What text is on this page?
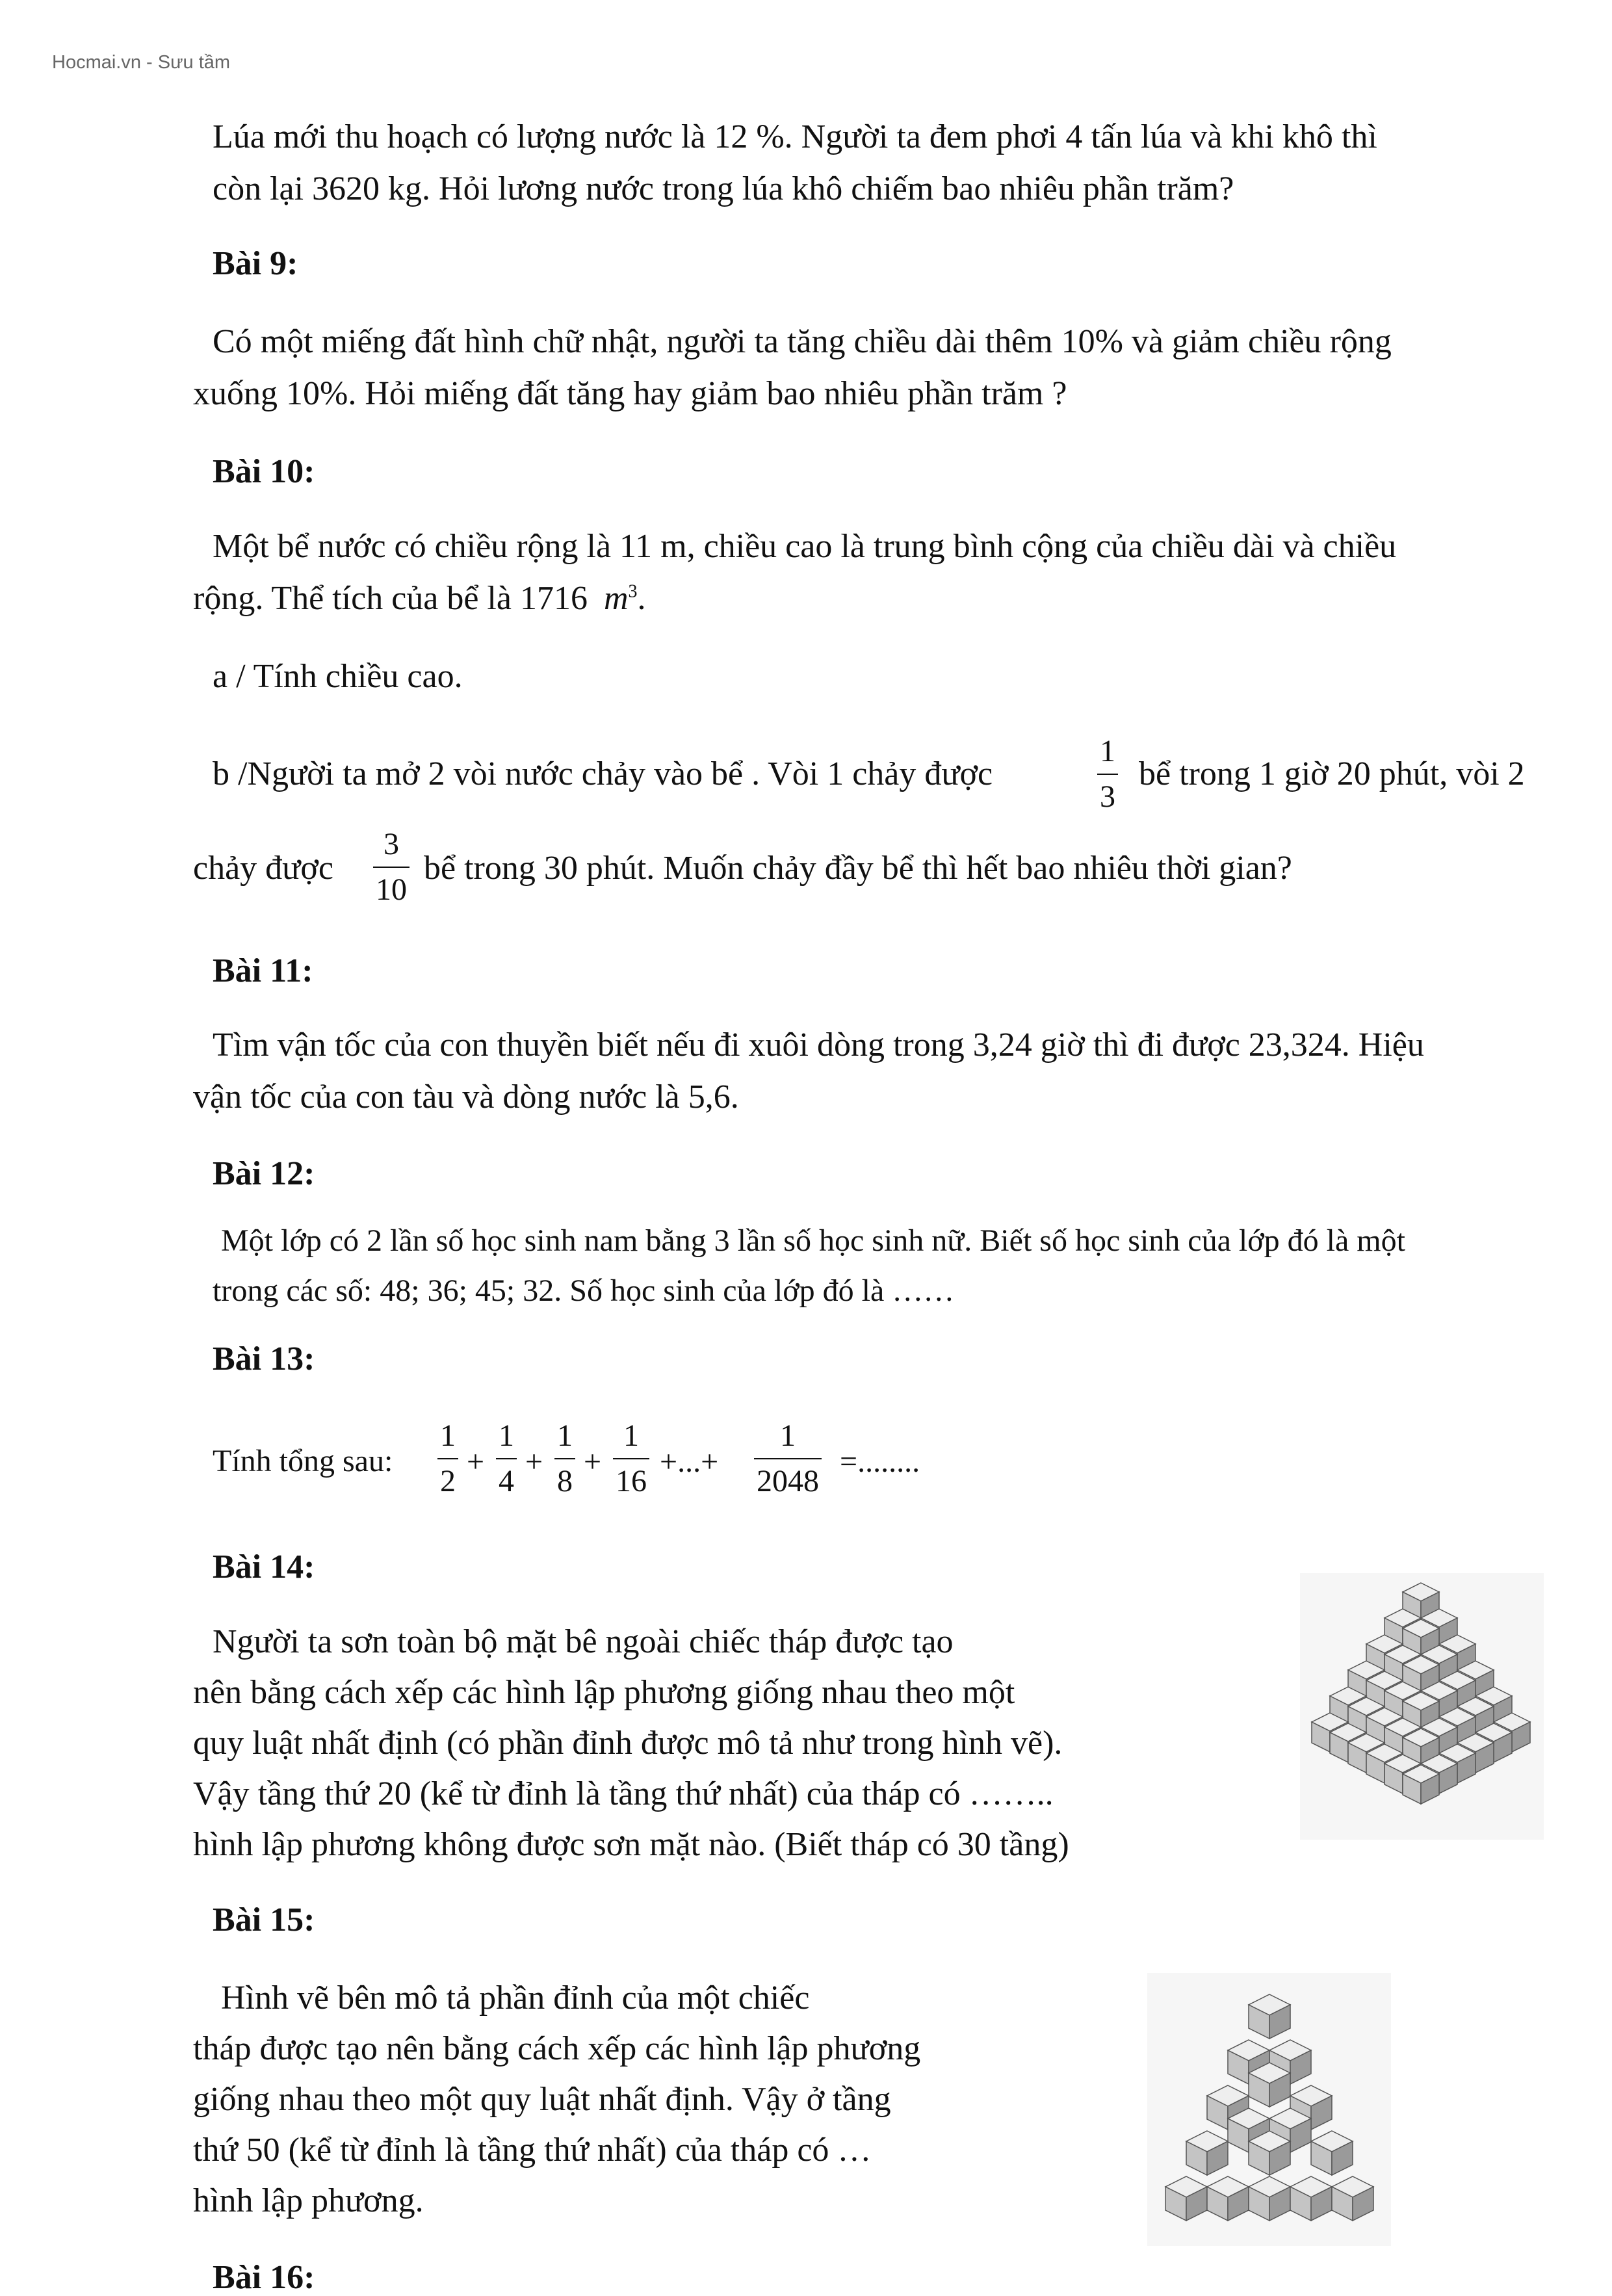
Hocmai.vn - Sưu tầm

Lúa mới thu hoạch có lượng nước là 12 %. Người ta đem phơi 4 tấn lúa và khi khô thì

còn lại 3620 kg. Hỏi lương nước trong lúa khô chiếm bao nhiêu phần trăm?

Bài 9:

Có một miếng đất hình chữ nhật, người ta tăng chiều dài thêm 10% và giảm chiều rộng

xuống 10%. Hỏi miếng đất tăng hay giảm bao nhiêu phần trăm ?

Bài 10:

Một bể nước có chiều rộng là 11 m, chiều cao là trung bình cộng của chiều dài và chiều

rộng. Thể tích của bể là 1716 $m^3$.

a / Tính chiều cao.

b /Người ta mở 2 vòi nước chảy vào bể . Vòi 1 chảy được

1
3

bể trong 1 giờ 20 phút, vòi 2

chảy được

3
10

bể trong 30 phút. Muốn chảy đầy bể thì hết bao nhiêu thời gian?

Bài 11:

Tìm vận tốc của con thuyền biết nếu đi xuôi dòng trong 3,24 giờ thì đi được 23,324. Hiệu

vận tốc của con tàu và dòng nước là 5,6.

Bài 12:

Một lớp có 2 lần số học sinh nam bằng 3 lần số học sinh nữ. Biết số học sinh của lớp đó là một

trong các số: 48; 36; 45; 32. Số học sinh của lớp đó là ……

Bài 13:

Tính tổng sau:

1
2
+
1
4
+
1
8
+
1
16
+...+
1
2048
=........

Bài 14:

Người ta sơn toàn bộ mặt bê ngoài chiếc tháp được tạo

nên bằng cách xếp các hình lập phương giống nhau theo một

quy luật nhất định (có phần đỉnh được mô tả như trong hình vẽ).

Vậy tầng thứ 20 (kể từ đỉnh là tầng thứ nhất) của tháp có ……..

hình lập phương không được sơn mặt nào. (Biết tháp có 30 tầng)

Bài 15:

Hình vẽ bên mô tả phần đỉnh của một chiếc

tháp được tạo nên bằng cách xếp các hình lập phương

giống nhau theo một quy luật nhất định. Vậy ở tầng

thứ 50 (kể từ đỉnh là tầng thứ nhất) của tháp có …

hình lập phương.

Bài 16:
